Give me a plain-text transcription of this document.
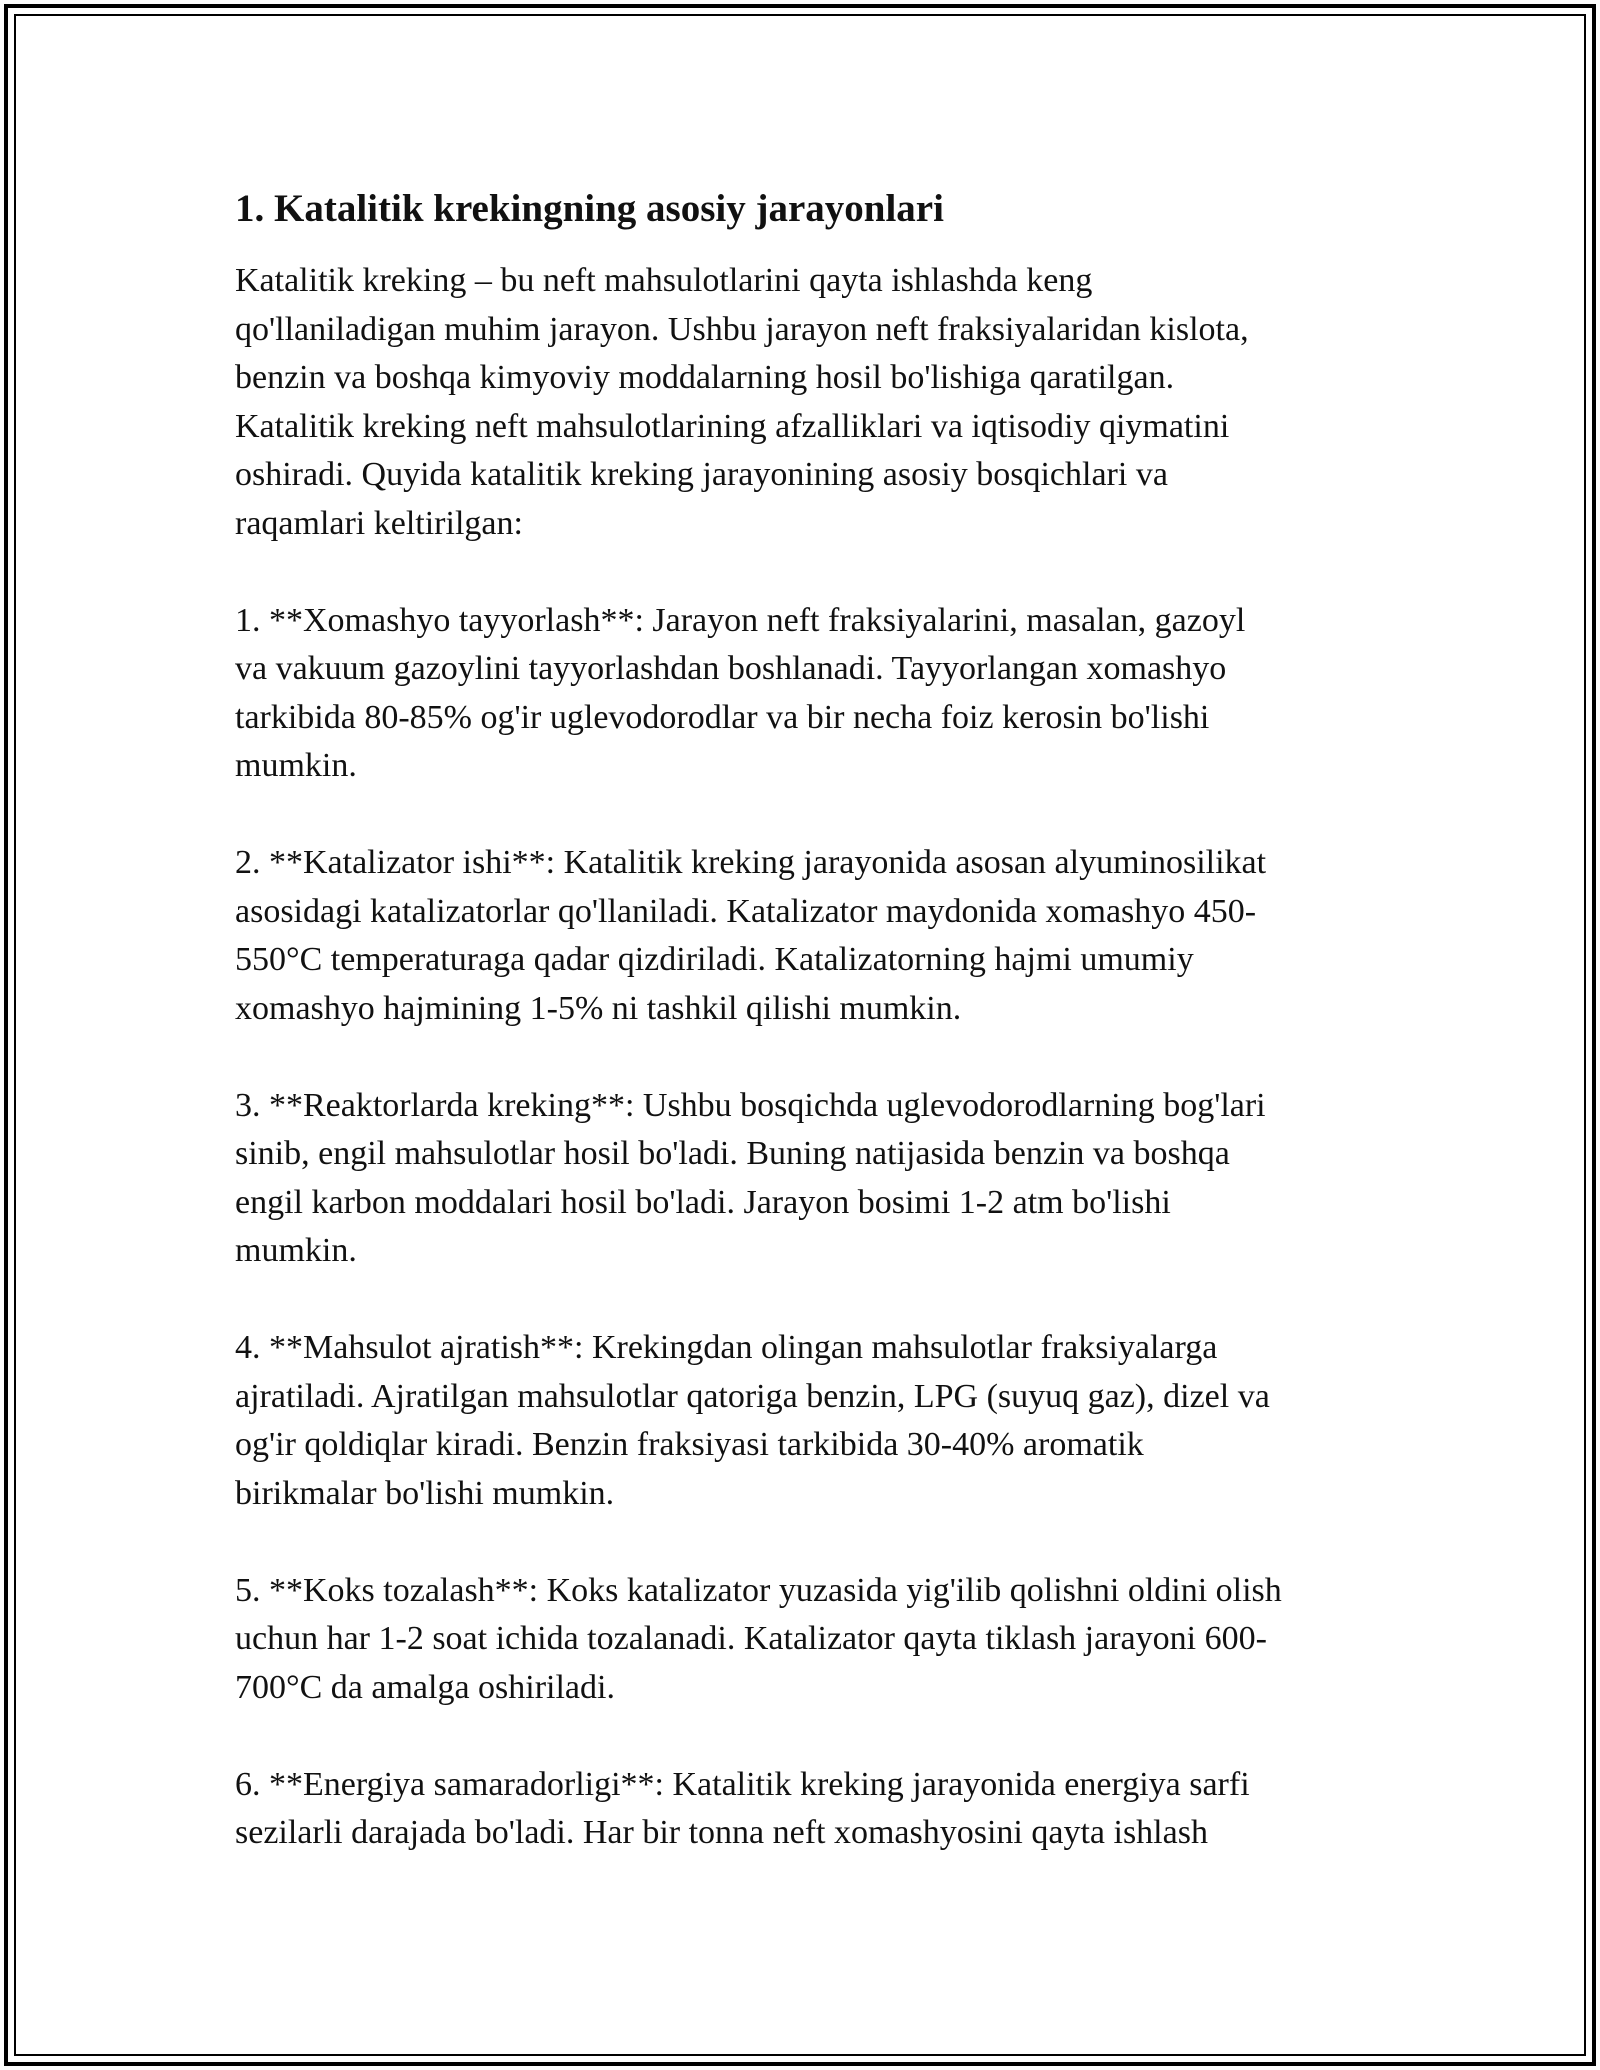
1. Katalitik krekingning asosiy jarayonlari

Katalitik kreking – bu neft mahsulotlarini qayta ishlashda keng
qo'llaniladigan muhim jarayon. Ushbu jarayon neft fraksiyalaridan kislota,
benzin va boshqa kimyoviy moddalarning hosil bo'lishiga qaratilgan.
Katalitik kreking neft mahsulotlarining afzalliklari va iqtisodiy qiymatini
oshiradi. Quyida katalitik kreking jarayonining asosiy bosqichlari va
raqamlari keltirilgan:

1. **Xomashyo tayyorlash**: Jarayon neft fraksiyalarini, masalan, gazoyl
va vakuum gazoylini tayyorlashdan boshlanadi. Tayyorlangan xomashyo
tarkibida 80-85% og'ir uglevodorodlar va bir necha foiz kerosin bo'lishi
mumkin.

2. **Katalizator ishi**: Katalitik kreking jarayonida asosan alyuminosilikat
asosidagi katalizatorlar qo'llaniladi. Katalizator maydonida xomashyo 450-
550°C temperaturaga qadar qizdiriladi. Katalizatorning hajmi umumiy
xomashyo hajmining 1-5% ni tashkil qilishi mumkin.

3. **Reaktorlarda kreking**: Ushbu bosqichda uglevodorodlarning bog'lari
sinib, engil mahsulotlar hosil bo'ladi. Buning natijasida benzin va boshqa
engil karbon moddalari hosil bo'ladi. Jarayon bosimi 1-2 atm bo'lishi
mumkin.

4. **Mahsulot ajratish**: Krekingdan olingan mahsulotlar fraksiyalarga
ajratiladi. Ajratilgan mahsulotlar qatoriga benzin, LPG (suyuq gaz), dizel va
og'ir qoldiqlar kiradi. Benzin fraksiyasi tarkibida 30-40% aromatik
birikmalar bo'lishi mumkin.

5. **Koks tozalash**: Koks katalizator yuzasida yig'ilib qolishni oldini olish
uchun har 1-2 soat ichida tozalanadi. Katalizator qayta tiklash jarayoni 600-
700°C da amalga oshiriladi.

6. **Energiya samaradorligi**: Katalitik kreking jarayonida energiya sarfi
sezilarli darajada bo'ladi. Har bir tonna neft xomashyosini qayta ishlash
